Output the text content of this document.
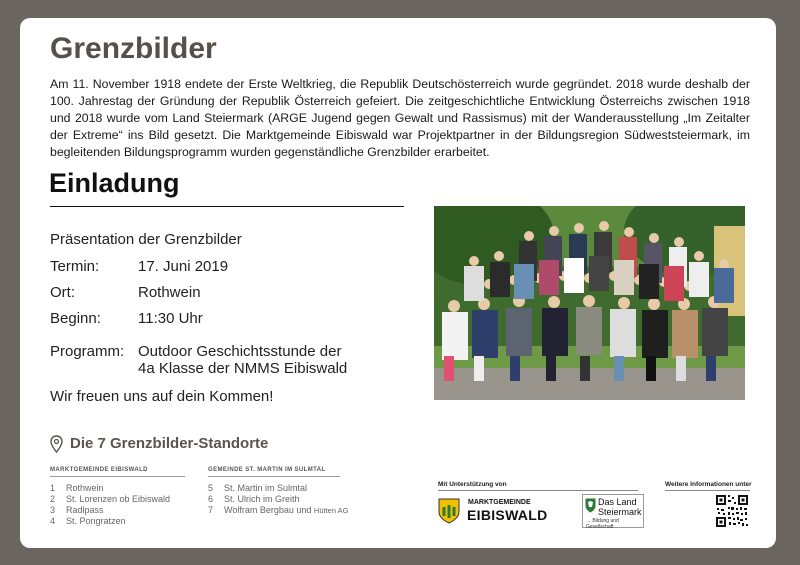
Grenzbilder
Am 11. November 1918 endete der Erste Weltkrieg, die Republik Deutschösterreich wurde gegründet. 2018 wurde deshalb der 100. Jahrestag der Gründung der Republik Österreich gefeiert. Die zeitgeschichtliche Entwicklung Österreichs zwischen 1918 und 2018 wurde vom Land Steiermark (ARGE Jugend gegen Gewalt und Rassismus) mit der Wanderausstellung „Im Zeitalter der Extreme“ ins Bild gesetzt. Die Marktgemeinde Eibiswald war Projektpartner in der Bildungsregion Südweststeiermark, im begleitenden Bildungsprogramm wurden gegenständliche Grenzbilder erarbeitet.
Einladung
Präsentation der Grenzbilder
Termin:	17. Juni 2019
Ort:	Rothwein
Beginn: 11:30 Uhr
Programm: Outdoor Geschichtsstunde der
4a Klasse der NMMS Eibiswald
Wir freuen uns auf dein Kommen!
Die 7 Grenzbilder-Standorte
MARKTGEMEINDE EIBISWALD
1 Rothwein
2 St. Lorenzen ob Eibiswald
3 Radlpass
4 St. Pongratzen
GEMEINDE ST. MARTIN IM SULMTAL
5 St. Martin im Sulmtal
6 St. Ulrich im Greith
7 Wolfram Bergbau und Hütten AG
Mit Unterstützung von
MARKTGEMEINDE
EIBISWALD
Das Land
Steiermark
→ Bildung und Gesellschaft
Weitere Informationen unter
